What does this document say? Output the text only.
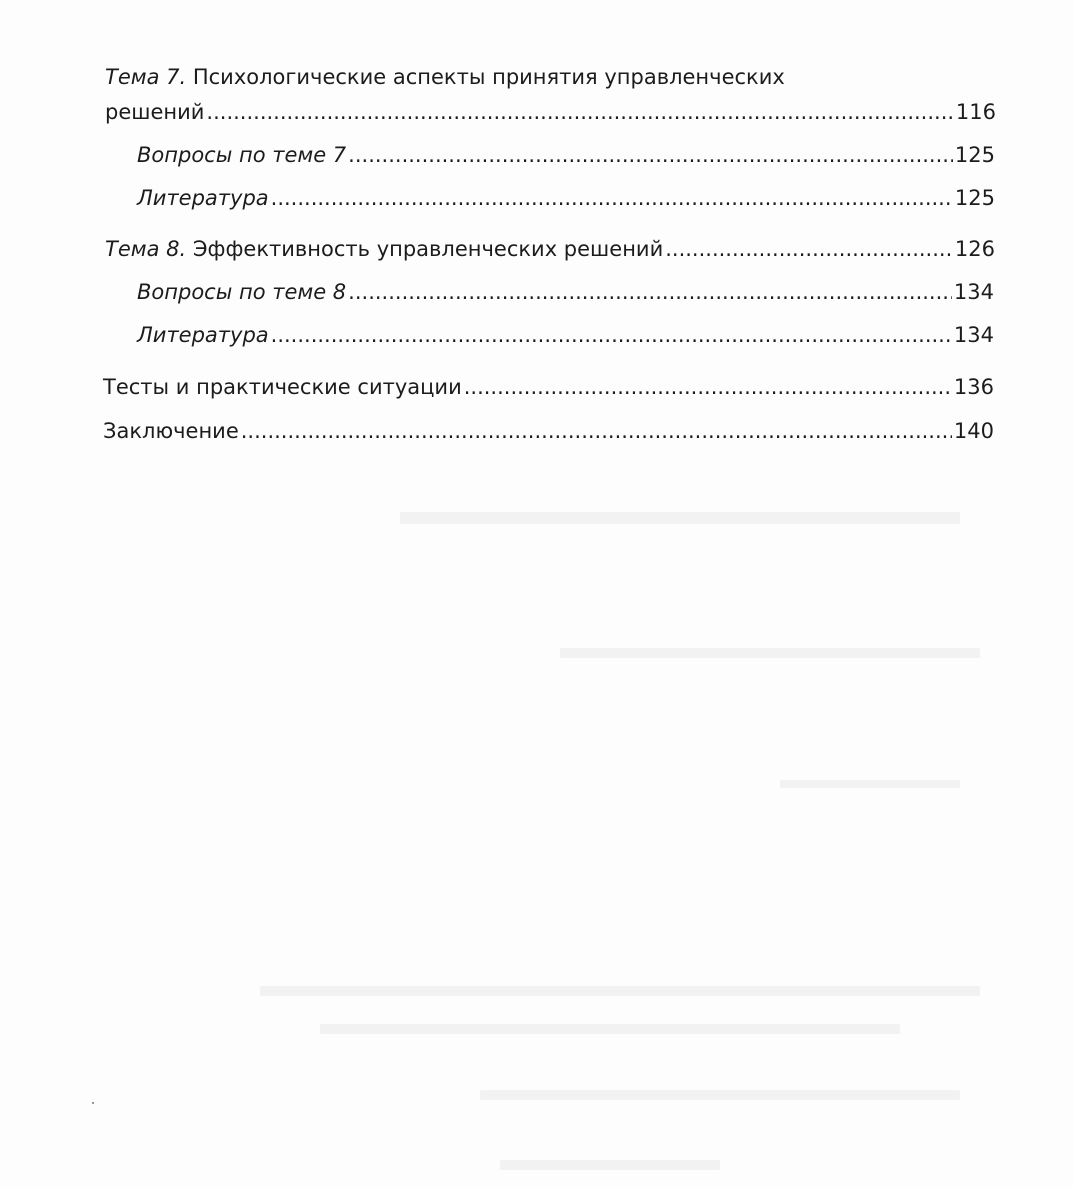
Тема 7. Психологические аспекты принятия управленческих
решений .....	116
Вопросы по теме 7 .....	125
Литература .....	125
Тема 8. Эффективность управленческих решений .....	126
Вопросы по теме 8 .....	134
Литература .....	134
Тесты и практические ситуации .....	136
Заключение .....	140
